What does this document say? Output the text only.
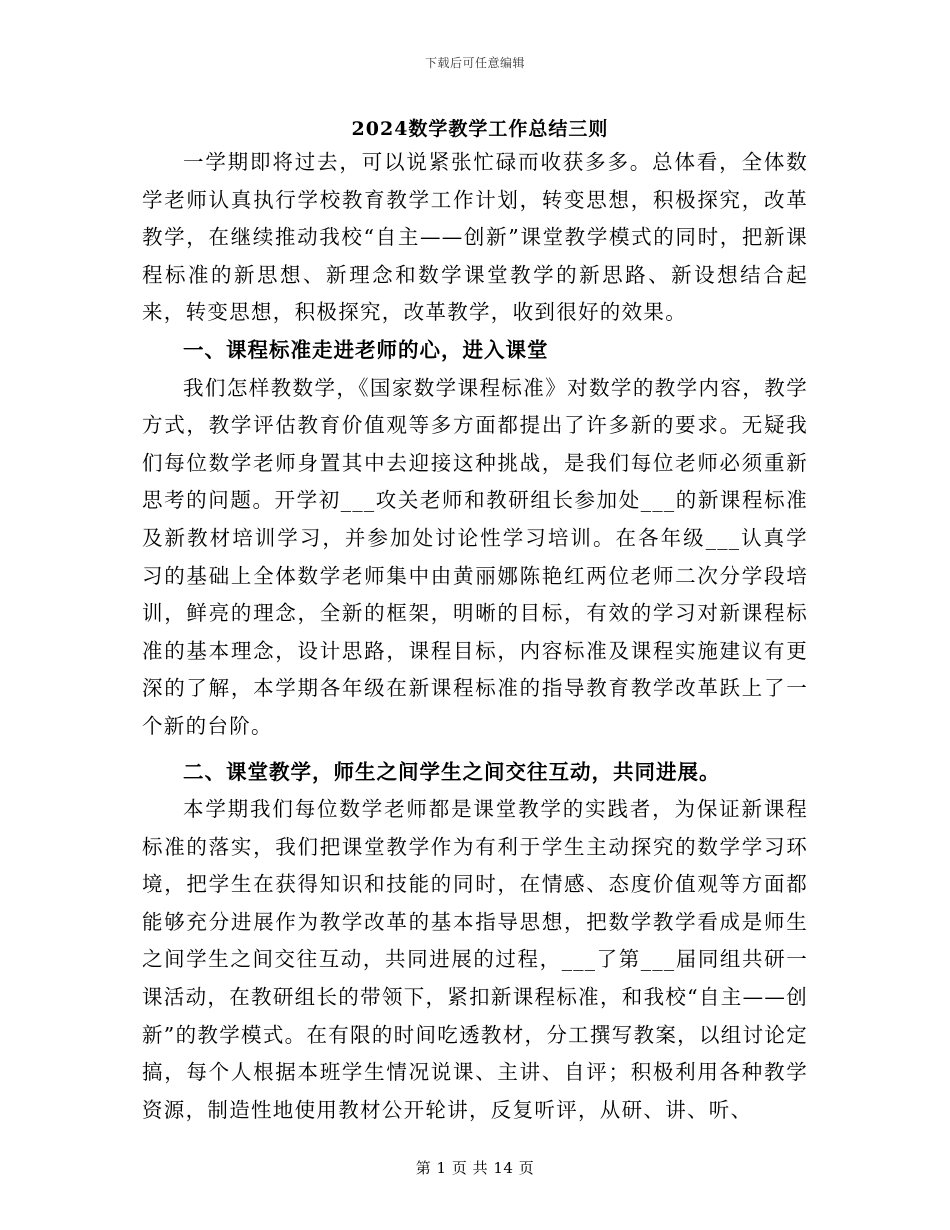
下载后可任意编辑
2024数学教学工作总结三则

一学期即将过去，可以说紧张忙碌而收获多多。总体看，全体数学老师认真执行学校教育教学工作计划，转变思想，积极探究，改革教学，在继续推动我校“自主——创新”课堂教学模式的同时，把新课程标准的新思想、新理念和数学课堂教学的新思路、新设想结合起来，转变思想，积极探究，改革教学，收到很好的效果。

一、课程标准走进老师的心，进入课堂

我们怎样教数学，《国家数学课程标准》对数学的教学内容，教学方式，教学评估教育价值观等多方面都提出了许多新的要求。无疑我们每位数学老师身置其中去迎接这种挑战，是我们每位老师必须重新思考的问题。开学初___攻关老师和教研组长参加处___的新课程标准及新教材培训学习，并参加处讨论性学习培训。在各年级___认真学习的基础上全体数学老师集中由黄丽娜陈艳红两位老师二次分学段培训，鲜亮的理念，全新的框架，明晰的目标，有效的学习对新课程标准的基本理念，设计思路，课程目标，内容标准及课程实施建议有更深的了解，本学期各年级在新课程标准的指导教育教学改革跃上了一个新的台阶。

二、课堂教学，师生之间学生之间交往互动，共同进展。

本学期我们每位数学老师都是课堂教学的实践者，为保证新课程标准的落实，我们把课堂教学作为有利于学生主动探究的数学学习环境，把学生在获得知识和技能的同时，在情感、态度价值观等方面都能够充分进展作为教学改革的基本指导思想，把数学教学看成是师生之间学生之间交往互动，共同进展的过程，___了第___届同组共研一课活动，在教研组长的带领下，紧扣新课程标准，和我校“自主——创新”的教学模式。在有限的时间吃透教材，分工撰写教案，以组讨论定搞，每个人根据本班学生情况说课、主讲、自评；积极利用各种教学资源，制造性地使用教材公开轮讲，反复听评，从研、讲、听、

第 1 页 共 14 页
